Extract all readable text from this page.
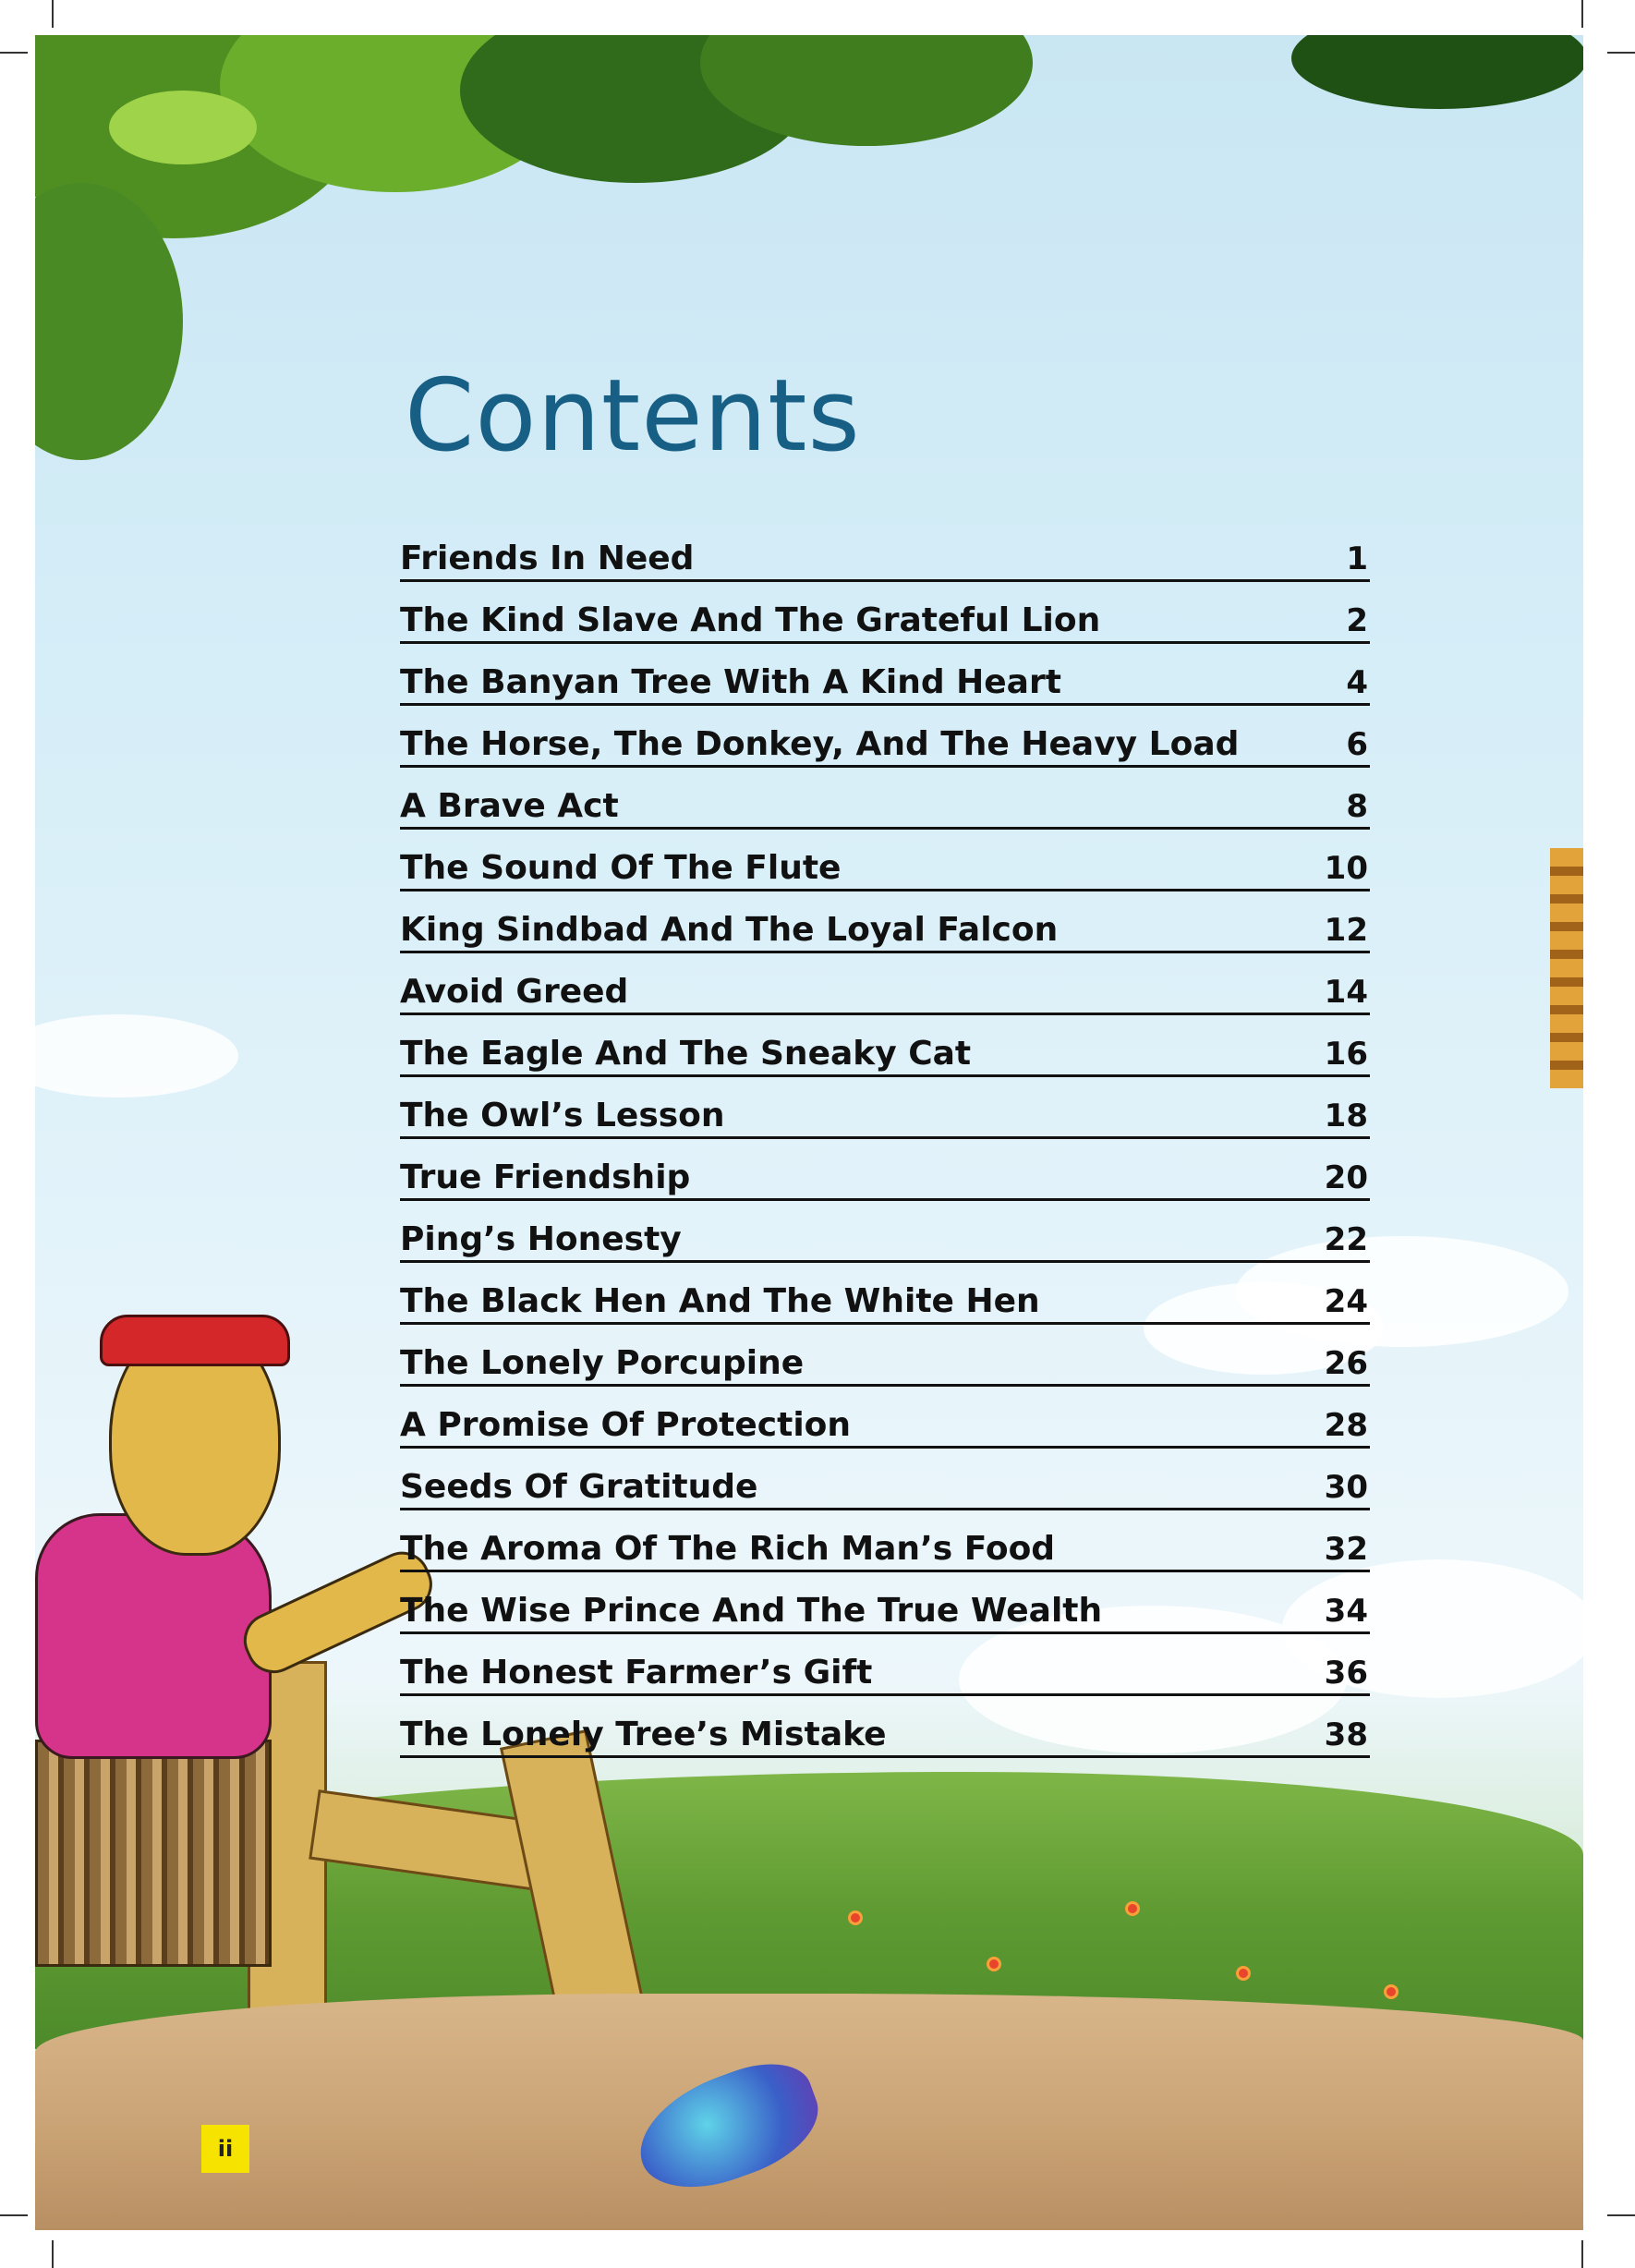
Contents
Friends In Need	1
The Kind Slave And The Grateful Lion	2
The Banyan Tree With A Kind Heart	4
The Horse, The Donkey, And The Heavy Load	6
A Brave Act	8
The Sound Of The Flute	10
King Sindbad And The Loyal Falcon	12
Avoid Greed	14
The Eagle And The Sneaky Cat	16
The Owl’s Lesson	18
True Friendship	20
Ping’s Honesty	22
The Black Hen And The White Hen	24
The Lonely Porcupine	26
A Promise Of Protection	28
Seeds Of Gratitude	30
The Aroma Of The Rich Man’s Food	32
The Wise Prince And The True Wealth	34
The Honest Farmer’s Gift	36
The Lonely Tree’s Mistake	38
ii
